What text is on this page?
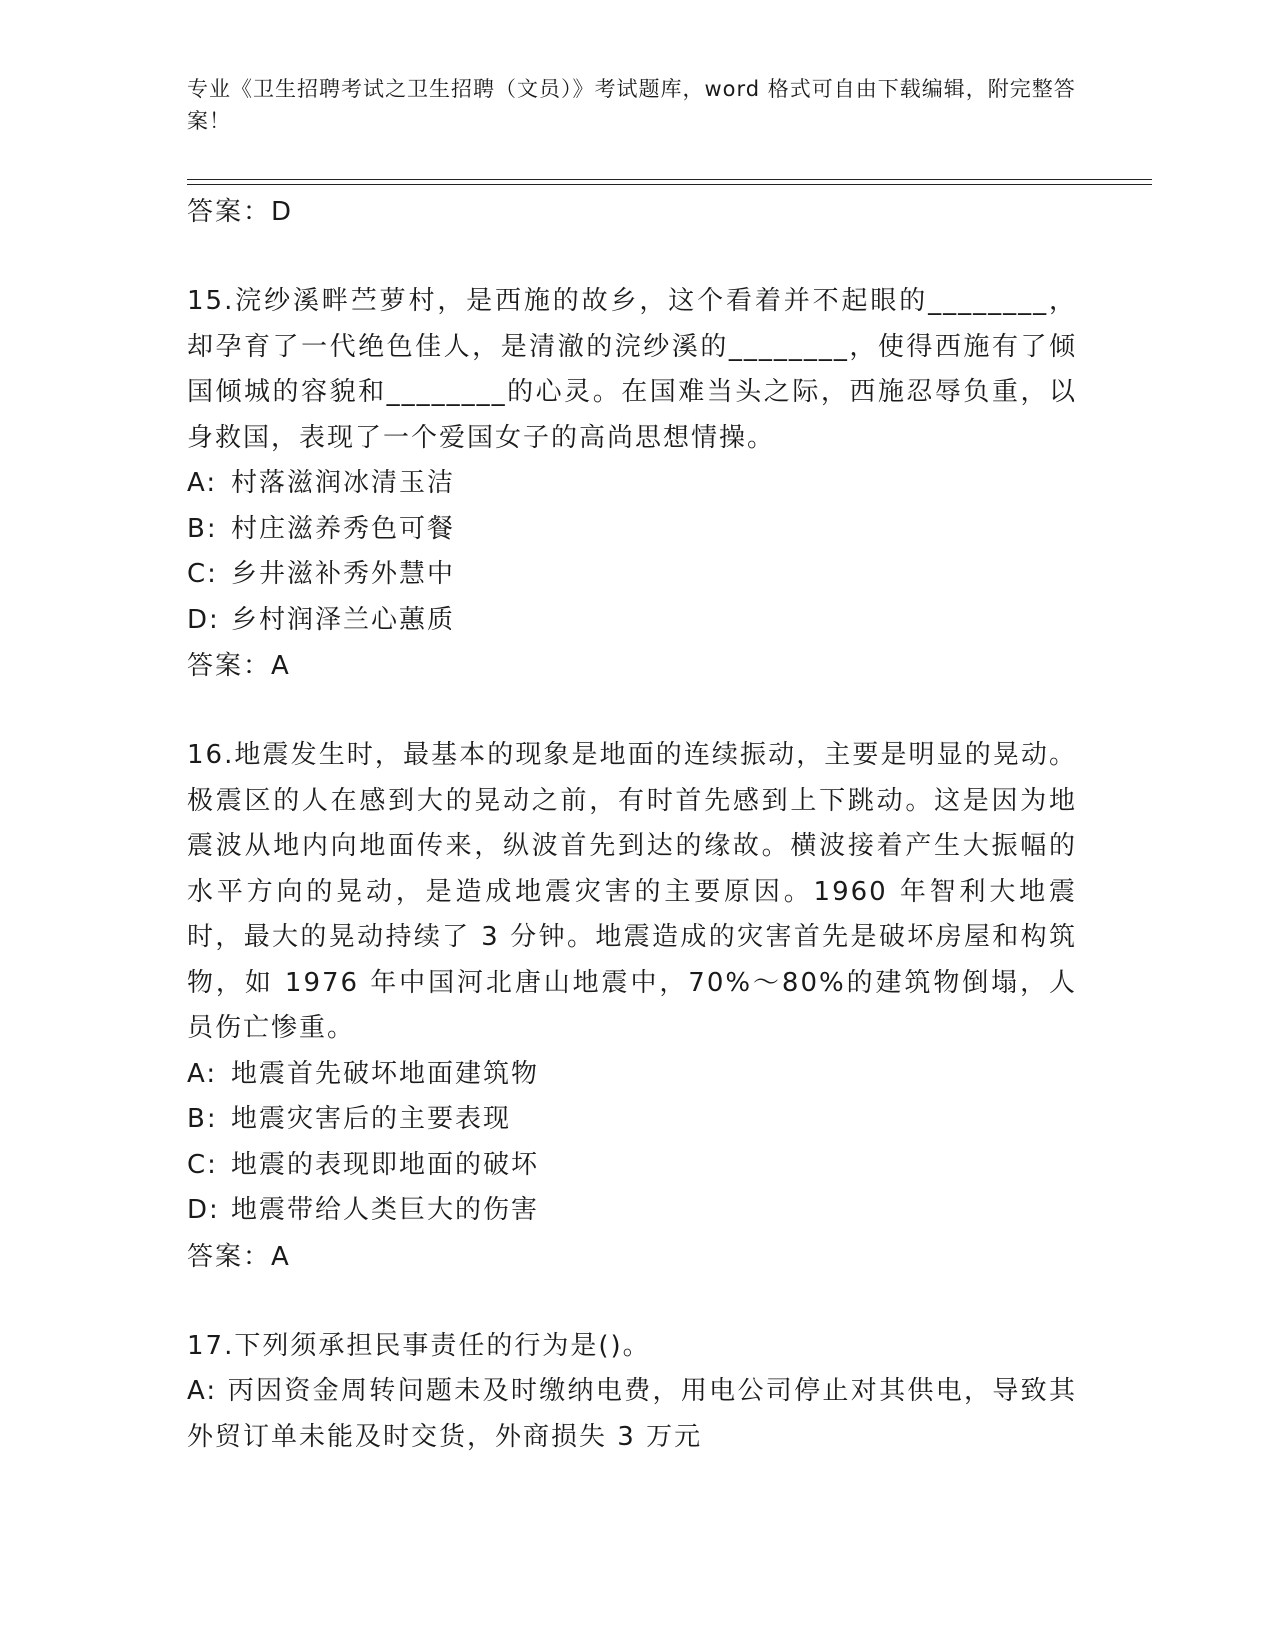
专业《卫生招聘考试之卫生招聘（文员）》考试题库，word 格式可自由下载编辑，附完整答案！

答案：D

15.浣纱溪畔苎萝村，是西施的故乡，这个看着并不起眼的________，却孕育了一代绝色佳人，是清澈的浣纱溪的________，使得西施有了倾国倾城的容貌和________的心灵。在国难当头之际，西施忍辱负重，以身救国，表现了一个爱国女子的高尚思想情操。

A: 村落滋润冰清玉洁
B: 村庄滋养秀色可餐
C: 乡井滋补秀外慧中
D: 乡村润泽兰心蕙质
答案：A

16.地震发生时，最基本的现象是地面的连续振动，主要是明显的晃动。极震区的人在感到大的晃动之前，有时首先感到上下跳动。这是因为地震波从地内向地面传来，纵波首先到达的缘故。横波接着产生大振幅的水平方向的晃动，是造成地震灾害的主要原因。1960 年智利大地震时，最大的晃动持续了 3 分钟。地震造成的灾害首先是破坏房屋和构筑物，如 1976 年中国河北唐山地震中，70%～80%的建筑物倒塌，人员伤亡惨重。

A: 地震首先破坏地面建筑物
B: 地震灾害后的主要表现
C: 地震的表现即地面的破坏
D: 地震带给人类巨大的伤害
答案：A

17.下列须承担民事责任的行为是()。

A: 丙因资金周转问题未及时缴纳电费，用电公司停止对其供电，导致其外贸订单未能及时交货，外商损失 3 万元
